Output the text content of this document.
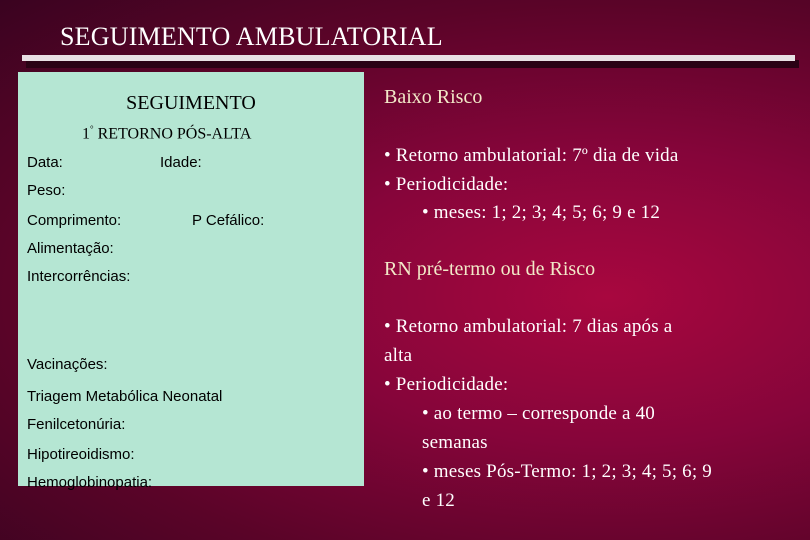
SEGUIMENTO AMBULATORIAL
SEGUIMENTO
1° RETORNO PÓS-ALTA
Data:	Idade:
Peso:
Comprimento:	P Cefálico:
Alimentação:
Intercorrências:
Vacinações:
Triagem Metabólica Neonatal
Fenilcetonúria:
Hipotireoidismo:
Hemoglobinopatia:
Baixo Risco
• Retorno ambulatorial: 7º dia de vida
• Periodicidade:
• meses: 1; 2; 3; 4; 5; 6; 9 e 12
RN pré-termo ou de Risco
• Retorno ambulatorial: 7 dias após a
alta
• Periodicidade:
• ao termo – corresponde a 40
semanas
• meses Pós-Termo: 1; 2; 3; 4; 5; 6; 9
e 12
